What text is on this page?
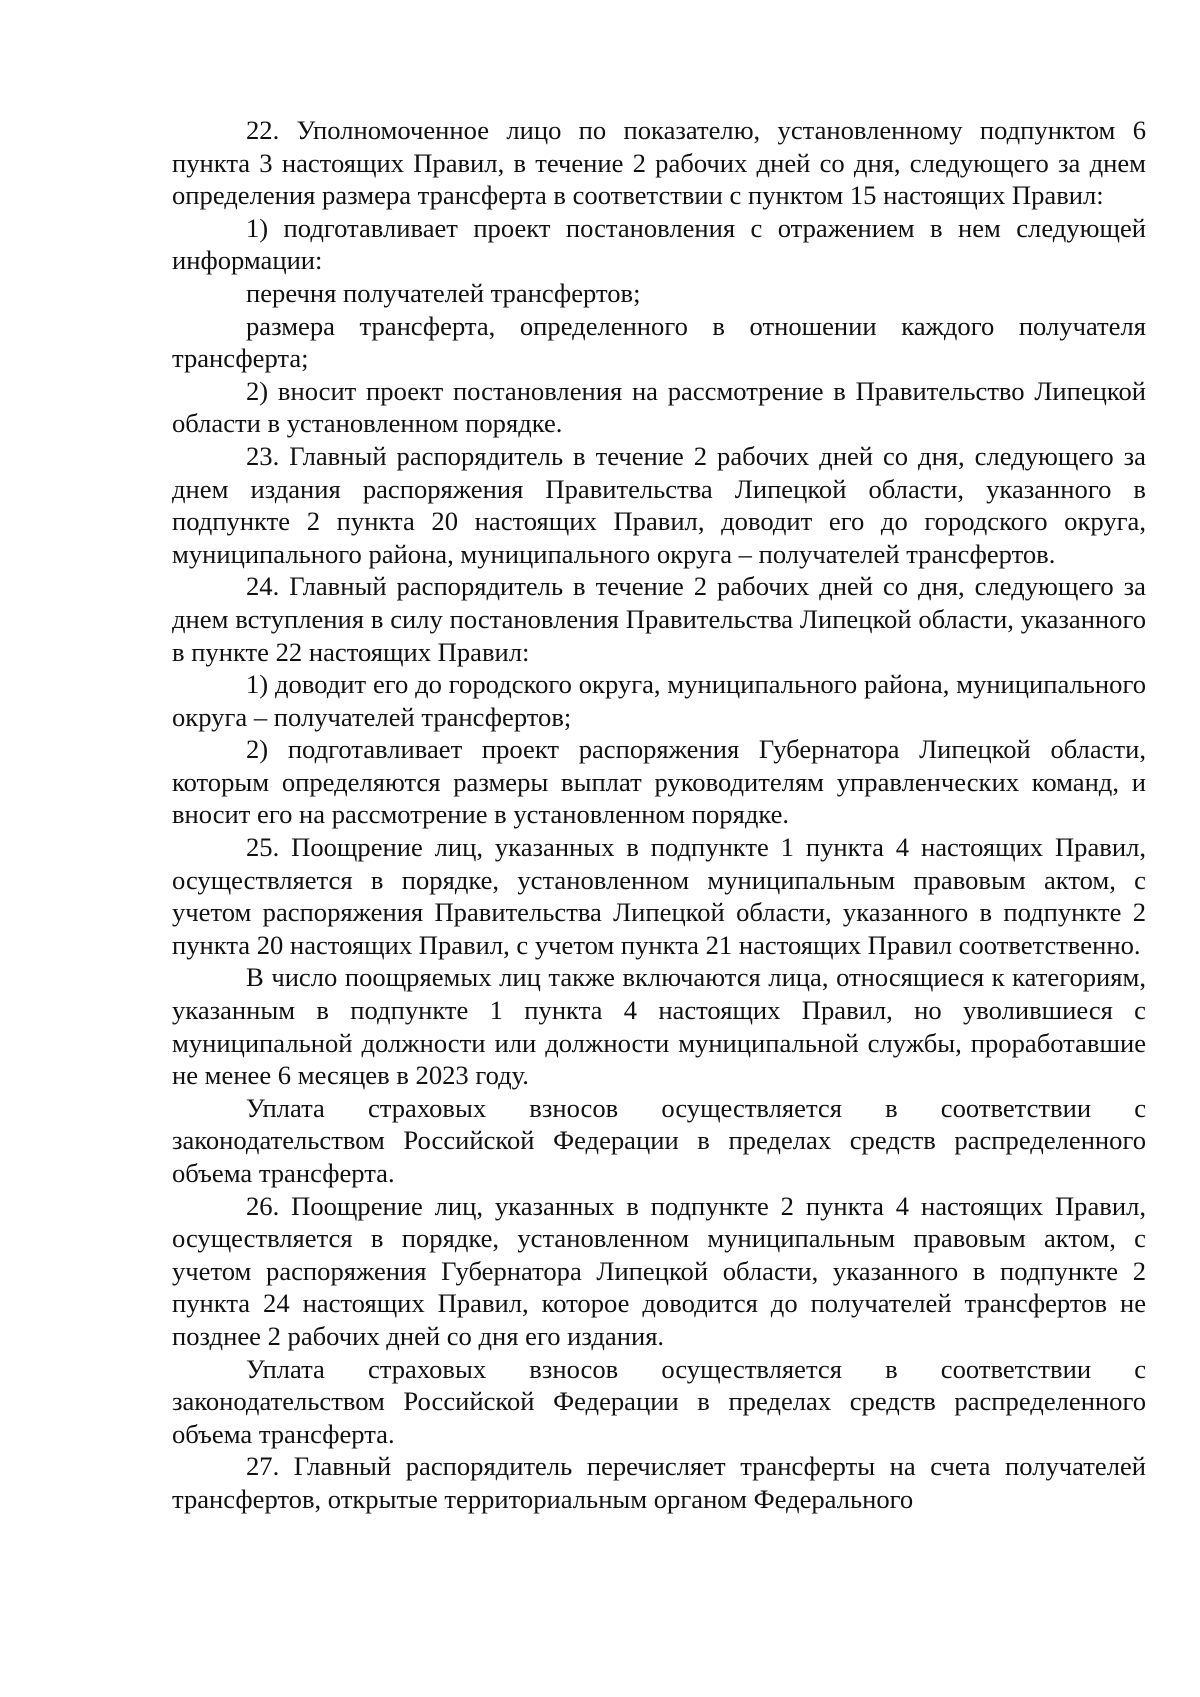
22. Уполномоченное лицо по показателю, установленному подпунктом 6 пункта 3 настоящих Правил, в течение 2 рабочих дней со дня, следующего за днем определения размера трансферта в соответствии с пунктом 15 настоящих Правил:

1) подготавливает проект постановления с отражением в нем следующей информации:

перечня получателей трансфертов;

размера трансферта, определенного в отношении каждого получателя трансферта;

2) вносит проект постановления на рассмотрение в Правительство Липецкой области в установленном порядке.

23. Главный распорядитель в течение 2 рабочих дней со дня, следующего за днем издания распоряжения Правительства Липецкой области, указанного в подпункте 2 пункта 20 настоящих Правил, доводит его до городского округа, муниципального района, муниципального округа – получателей трансфертов.

24. Главный распорядитель в течение 2 рабочих дней со дня, следующего за днем вступления в силу постановления Правительства Липецкой области, указанного в пункте 22 настоящих Правил:

1) доводит его до городского округа, муниципального района, муниципального округа – получателей трансфертов;

2) подготавливает проект распоряжения Губернатора Липецкой области, которым определяются размеры выплат руководителям управленческих команд, и вносит его на рассмотрение в установленном порядке.

25. Поощрение лиц, указанных в подпункте 1 пункта 4 настоящих Правил, осуществляется в порядке, установленном муниципальным правовым актом, с учетом распоряжения Правительства Липецкой области, указанного в подпункте 2 пункта 20 настоящих Правил, с учетом пункта 21 настоящих Правил соответственно.

В число поощряемых лиц также включаются лица, относящиеся к категориям, указанным в подпункте 1 пункта 4 настоящих Правил, но уволившиеся с муниципальной должности или должности муниципальной службы, проработавшие не менее 6 месяцев в 2023 году.

Уплата страховых взносов осуществляется в соответствии с законодательством Российской Федерации в пределах средств распределенного объема трансферта.

26. Поощрение лиц, указанных в подпункте 2 пункта 4 настоящих Правил, осуществляется в порядке, установленном муниципальным правовым актом, с учетом распоряжения Губернатора Липецкой области, указанного в подпункте 2 пункта 24 настоящих Правил, которое доводится до получателей трансфертов не позднее 2 рабочих дней со дня его издания.

Уплата страховых взносов осуществляется в соответствии с законодательством Российской Федерации в пределах средств распределенного объема трансферта.

27. Главный распорядитель перечисляет трансферты на счета получателей трансфертов, открытые территориальным органом Федерального
